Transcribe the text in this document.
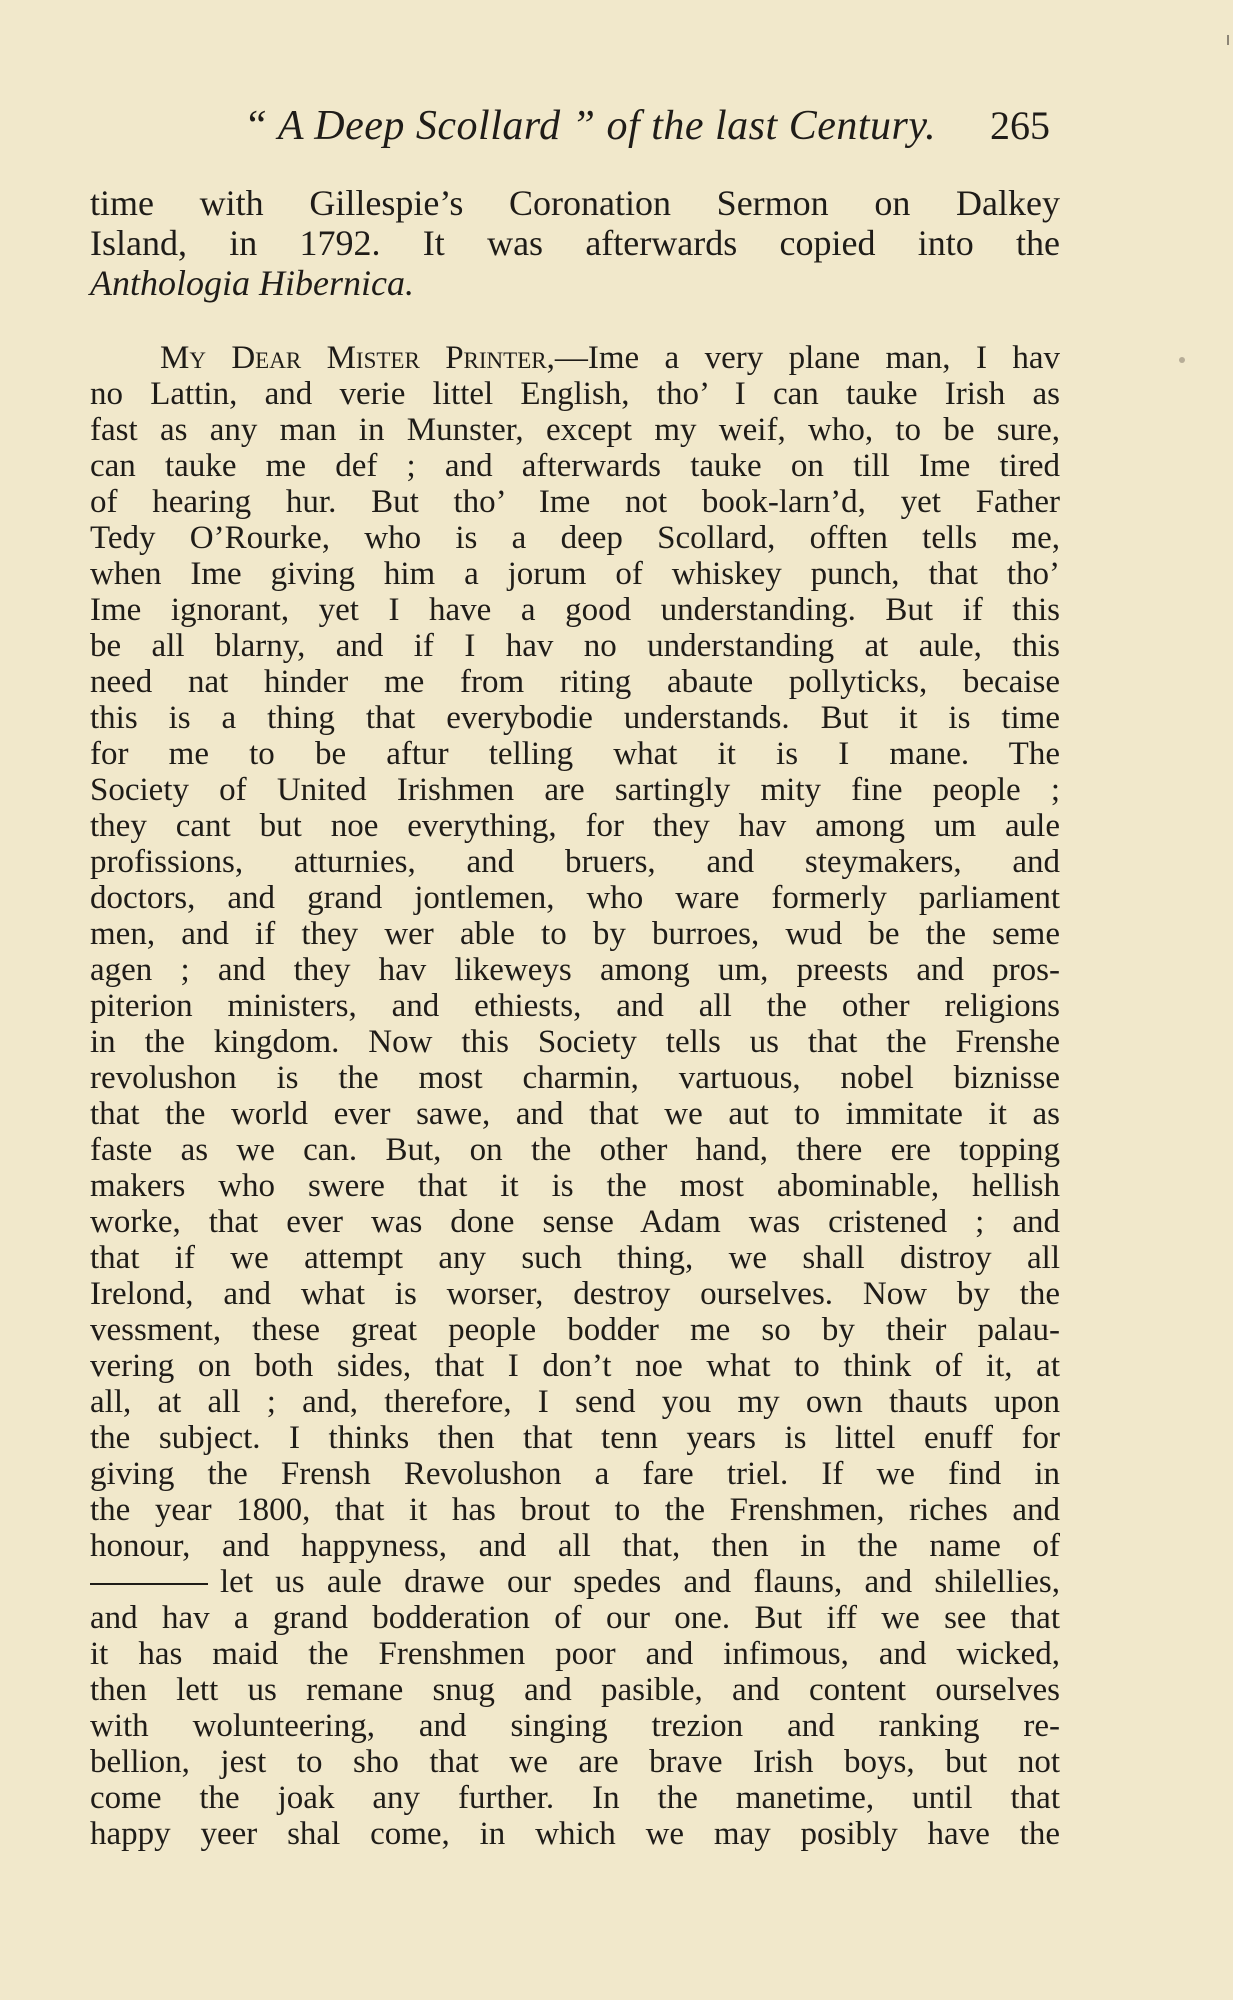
“ A Deep Scollard ” of the last Century.	265
time with Gillespie’s Coronation Sermon on Dalkey
Island, in 1792. It was afterwards copied into the
Anthologia Hibernica.
My Dear Mister Printer,—Ime a very plane man, I hav
no Lattin, and verie littel English, tho’ I can tauke Irish as
fast as any man in Munster, except my weif, who, to be sure,
can tauke me def ; and afterwards tauke on till Ime tired
of hearing hur. But tho’ Ime not book-larn’d, yet Father
Tedy O’Rourke, who is a deep Scollard, offten tells me,
when Ime giving him a jorum of whiskey punch, that tho’
Ime ignorant, yet I have a good understanding. But if this
be all blarny, and if I hav no understanding at aule, this
need nat hinder me from riting abaute pollyticks, becaise
this is a thing that everybodie understands. But it is time
for me to be aftur telling what it is I mane. The
Society of United Irishmen are sartingly mity fine people ;
they cant but noe everything, for they hav among um aule
profissions, atturnies, and bruers, and steymakers, and
doctors, and grand jontlemen, who ware formerly parliament
men, and if they wer able to by burroes, wud be the seme
agen ; and they hav likeweys among um, preests and pros-
piterion ministers, and ethiests, and all the other religions
in the kingdom. Now this Society tells us that the Frenshe
revolushon is the most charmin, vartuous, nobel biznisse
that the world ever sawe, and that we aut to immitate it as
faste as we can. But, on the other hand, there ere topping
makers who swere that it is the most abominable, hellish
worke, that ever was done sense Adam was cristened ; and
that if we attempt any such thing, we shall distroy all
Irelond, and what is worser, destroy ourselves. Now by the
vessment, these great people bodder me so by their palau-
vering on both sides, that I don’t noe what to think of it, at
all, at all ; and, therefore, I send you my own thauts upon
the subject. I thinks then that tenn years is littel enuff for
giving the Frensh Revolushon a fare triel. If we find in
the year 1800, that it has brout to the Frenshmen, riches and
honour, and happyness, and all that, then in the name of
let us aule drawe our spedes and flauns, and shilellies,
and hav a grand bodderation of our one. But iff we see that
it has maid the Frenshmen poor and infimous, and wicked,
then lett us remane snug and pasible, and content ourselves
with wolunteering, and singing trezion and ranking re-
bellion, jest to sho that we are brave Irish boys, but not
come the joak any further. In the manetime, until that
happy yeer shal come, in which we may posibly have the
